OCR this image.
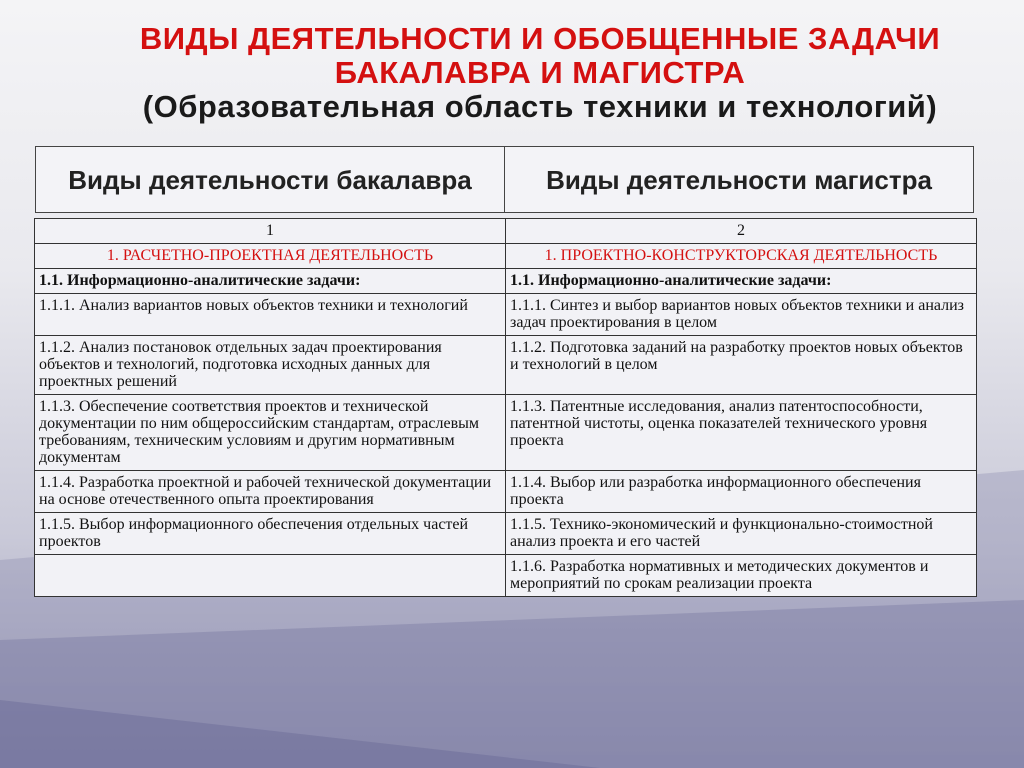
ВИДЫ ДЕЯТЕЛЬНОСТИ И ОБОБЩЕННЫЕ ЗАДАЧИ
БАКАЛАВРА И МАГИСТРА
(Образовательная область техники и технологий)
Виды деятельности бакалавра	Виды деятельности магистра
1	2
1. РАСЧЕТНО-ПРОЕКТНАЯ ДЕЯТЕЛЬНОСТЬ	1. ПРОЕКТНО-КОНСТРУКТОРСКАЯ ДЕЯТЕЛЬНОСТЬ
1.1. Информационно-аналитические задачи:	1.1. Информационно-аналитические задачи:
1.1.1. Анализ вариантов новых объектов техники и технологий	1.1.1. Синтез и выбор вариантов новых объектов техники и анализ задач проектирования в целом
1.1.2. Анализ постановок отдельных задач проектирования объектов и технологий, подготовка исходных данных для проектных решений	1.1.2. Подготовка заданий на разработку проектов новых объектов и технологий в целом
1.1.3. Обеспечение соответствия проектов и технической документации по ним общероссийским стандартам, отраслевым требованиям, техническим условиям и другим нормативным документам	1.1.3. Патентные исследования, анализ патентоспособности, патентной чистоты, оценка показателей технического уровня проекта
1.1.4. Разработка проектной и рабочей технической документации на основе отечественного опыта проектирования	1.1.4. Выбор или разработка информационного обеспечения проекта
1.1.5. Выбор информационного обеспечения отдельных частей проектов	1.1.5. Технико-экономический и функционально-стоимостной анализ проекта и его частей
	1.1.6. Разработка нормативных и методических документов и мероприятий по срокам реализации проекта
